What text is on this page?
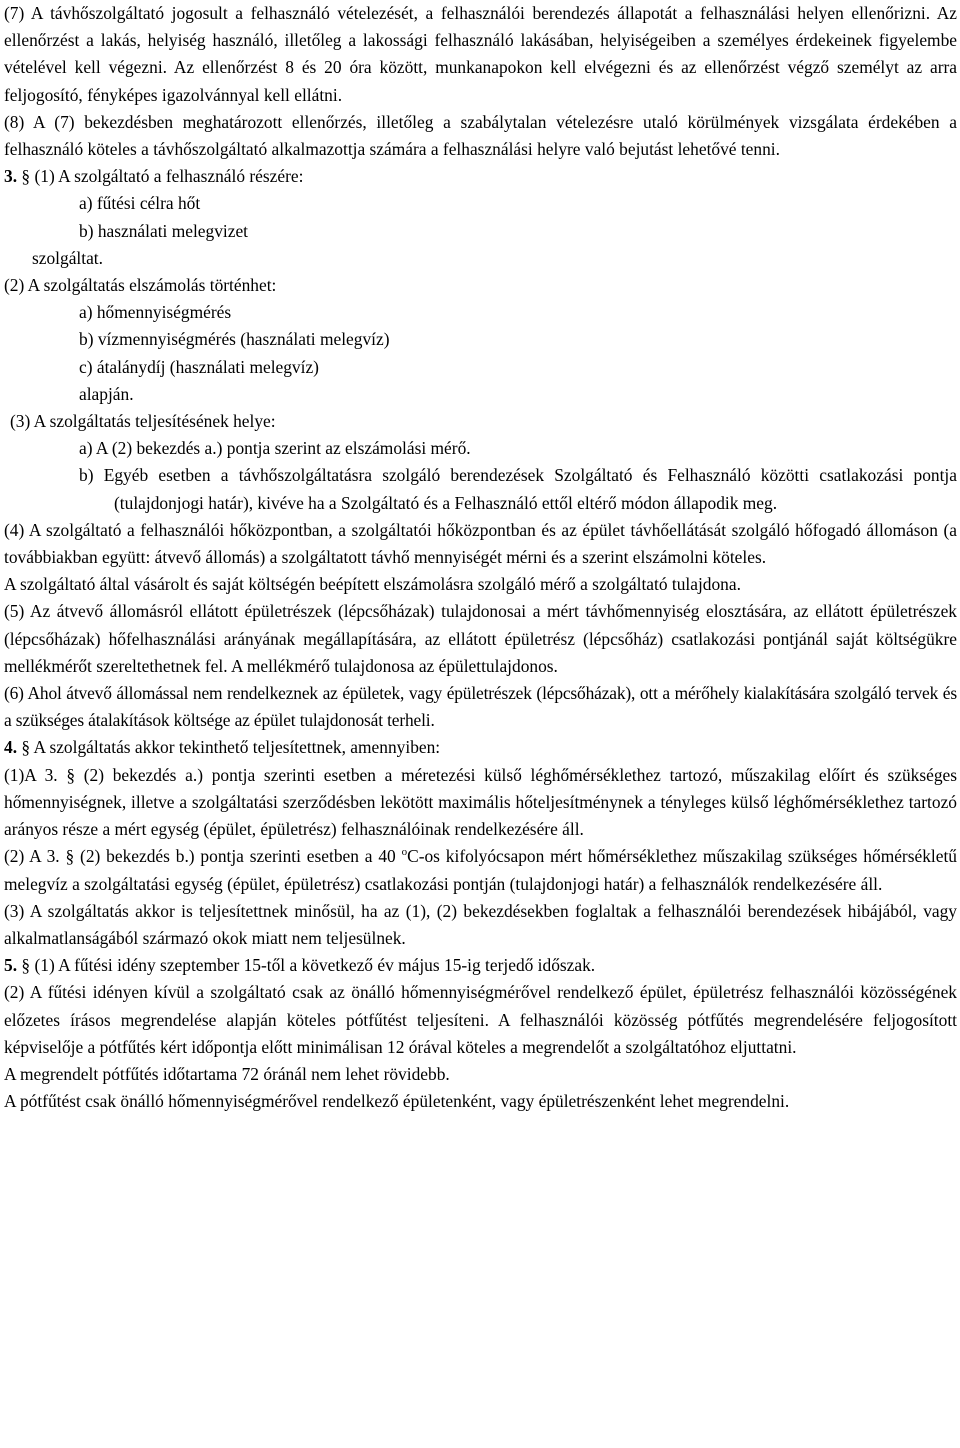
(7) A távhőszolgáltató jogosult a felhasználó vételezését, a felhasználói berendezés állapotát a felhasználási helyen ellenőrizni. Az ellenőrzést a lakás, helyiség használó, illetőleg a lakossági felhasználó lakásában, helyiségeiben a személyes érdekeinek figyelembe vételével kell végezni. Az ellenőrzést 8 és 20 óra között, munkanapokon kell elvégezni és az ellenőrzést végző személyt az arra feljogosító, fényképes igazolvánnyal kell ellátni.

(8) A (7) bekezdésben meghatározott ellenőrzés, illetőleg a szabálytalan vételezésre utaló körülmények vizsgálata érdekében a felhasználó köteles a távhőszolgáltató alkalmazottja számára a felhasználási helyre való bejutást lehetővé tenni.

3. § (1) A szolgáltató a felhasználó részére:

a) fűtési célra hőt

b) használati melegvizet

szolgáltat.

(2) A szolgáltatás elszámolás történhet:

a) hőmennyiségmérés

b) vízmennyiségmérés (használati melegvíz)

c) átalánydíj (használati melegvíz)

alapján.

(3) A szolgáltatás teljesítésének helye:

a) A (2) bekezdés a.) pontja szerint az elszámolási mérő.

b) Egyéb esetben a távhőszolgáltatásra szolgáló berendezések Szolgáltató és Felhasználó közötti csatlakozási pontja (tulajdonjogi határ), kivéve ha a Szolgáltató és a Felhasználó ettől eltérő módon állapodik meg.

(4) A szolgáltató a felhasználói hőközpontban, a szolgáltatói hőközpontban és az épület távhőellátását szolgáló hőfogadó állomáson (a továbbiakban együtt: átvevő állomás) a szolgáltatott távhő mennyiségét mérni és a szerint elszámolni köteles.

A szolgáltató által vásárolt és saját költségén beépített elszámolásra szolgáló mérő a szolgáltató tulajdona.

(5) Az átvevő állomásról ellátott épületrészek (lépcsőházak) tulajdonosai a mért távhőmennyiség elosztására, az ellátott épületrészek (lépcsőházak) hőfelhasználási arányának megállapítására, az ellátott épületrész (lépcsőház) csatlakozási pontjánál saját költségükre mellékmérőt szereltethetnek fel. A mellékmérő tulajdonosa az épülettulajdonos.

(6) Ahol átvevő állomással nem rendelkeznek az épületek, vagy épületrészek (lépcsőházak), ott a mérőhely kialakítására szolgáló tervek és a szükséges átalakítások költsége az épület tulajdonosát terheli.

4. § A szolgáltatás akkor tekinthető teljesítettnek, amennyiben:

(1)A 3. § (2) bekezdés a.) pontja szerinti esetben a méretezési külső léghőmérséklethez tartozó, műszakilag előírt és szükséges hőmennyiségnek, illetve a szolgáltatási szerződésben lekötött maximális hőteljesítménynek a tényleges külső léghőmérséklethez tartozó arányos része a mért egység (épület, épületrész) felhasználóinak rendelkezésére áll.

(2) A 3. § (2) bekezdés b.) pontja szerinti esetben a 40 $^o$C-os kifolyócsapon mért hőmérséklethez műszakilag szükséges hőmérsékletű melegvíz a szolgáltatási egység (épület, épületrész) csatlakozási pontján (tulajdonjogi határ) a felhasználók rendelkezésére áll.

(3) A szolgáltatás akkor is teljesítettnek minősül, ha az (1), (2) bekezdésekben foglaltak a felhasználói berendezések hibájából, vagy alkalmatlanságából származó okok miatt nem teljesülnek.

5. § (1) A fűtési idény szeptember 15-től a következő év május 15-ig terjedő időszak.

(2) A fűtési idényen kívül a szolgáltató csak az önálló hőmennyiségmérővel rendelkező épület, épületrész felhasználói közösségének előzetes írásos megrendelése alapján köteles pótfűtést teljesíteni. A felhasználói közösség pótfűtés megrendelésére feljogosított képviselője a pótfűtés kért időpontja előtt minimálisan 12 órával köteles a megrendelőt a szolgáltatóhoz eljuttatni.

A megrendelt pótfűtés időtartama 72 óránál nem lehet rövidebb.

A pótfűtést csak önálló hőmennyiségmérővel rendelkező épületenként, vagy épületrészenként lehet megrendelni.
